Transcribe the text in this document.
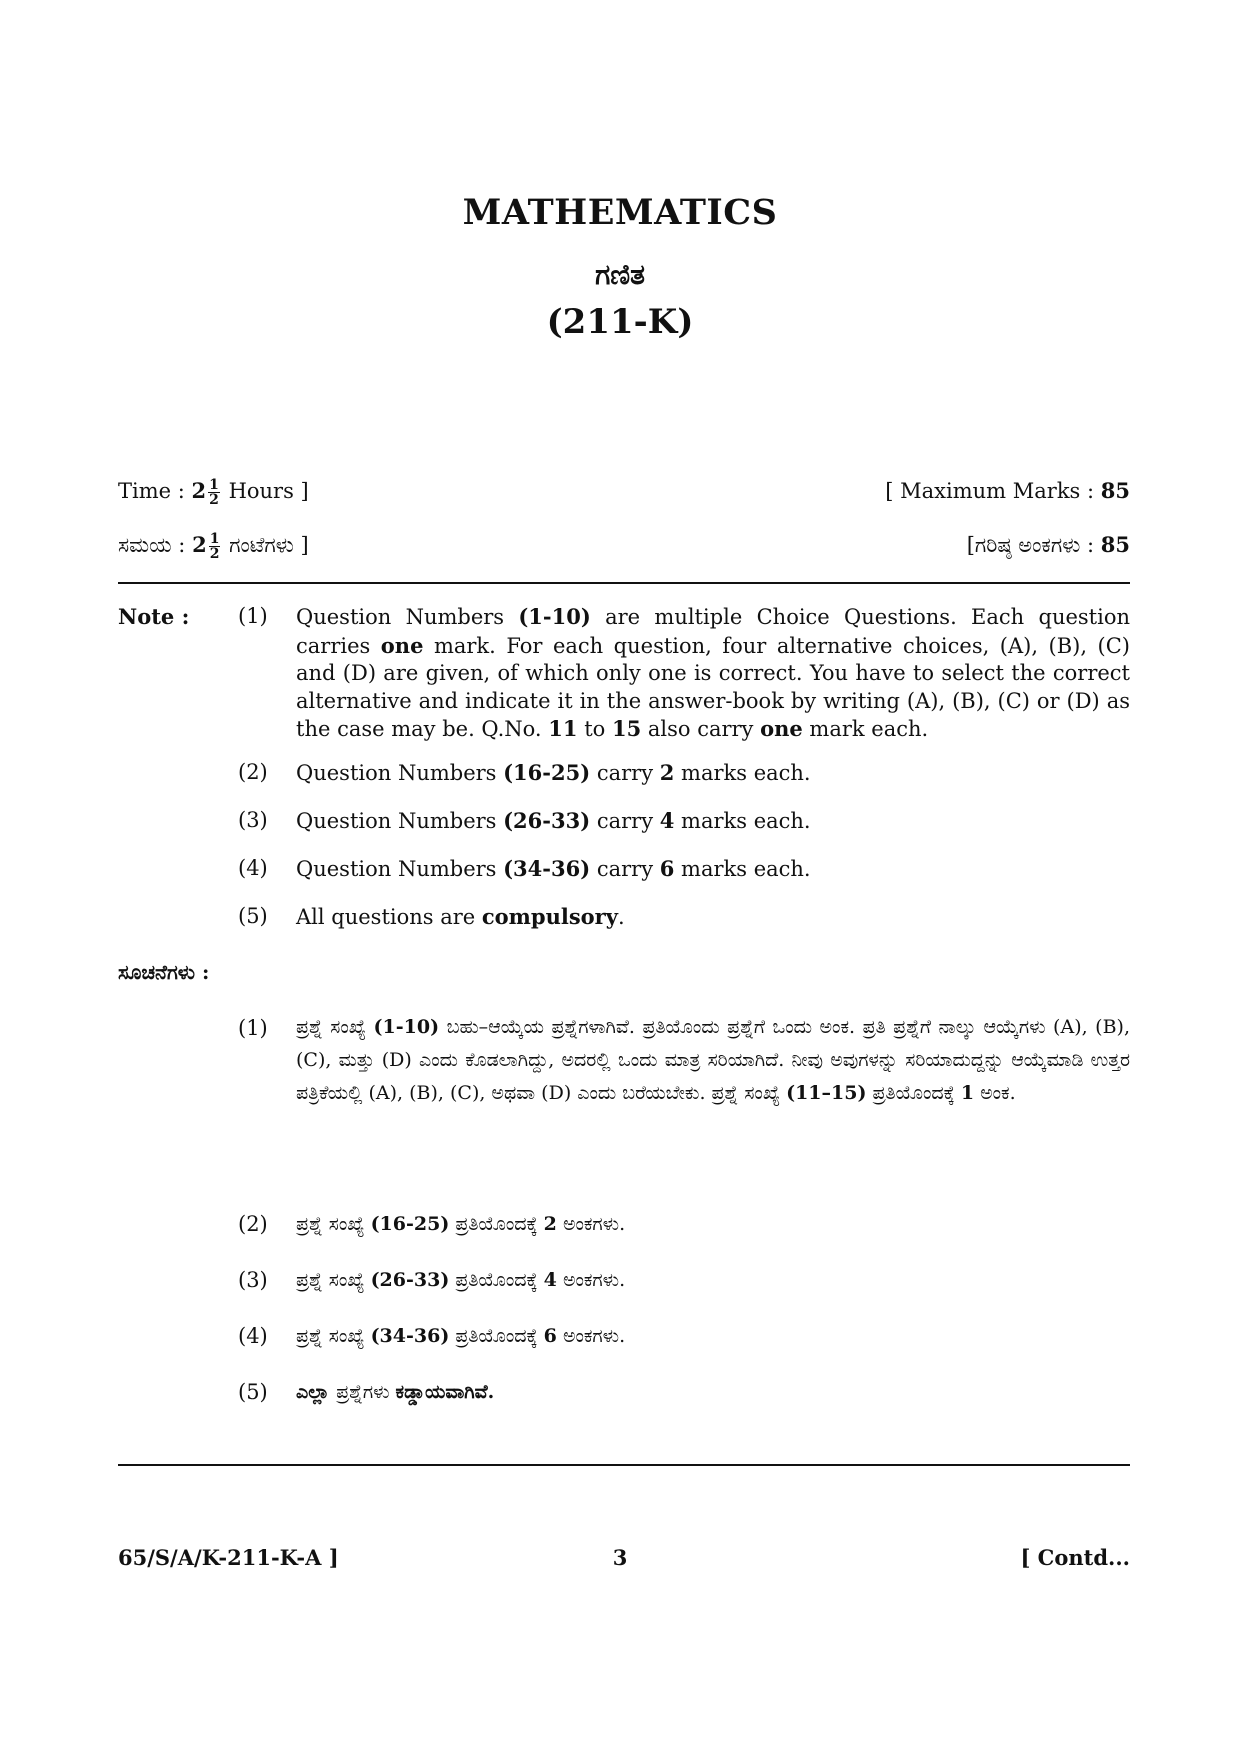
MATHEMATICS
ಗಣಿತ
(211-K)
Time : $2 \frac{1}{2}$ Hours ]	[ Maximum Marks : 85
ಸಮಯ : $2 \frac{1}{2}$ ಗಂಟೆಗಳು ]	[ಗರಿಷ್ಠ ಅಂಕಗಳು : 85
Note : (1) Question Numbers (1-10) are multiple Choice Questions. Each question carries one mark. For each question, four alternative choices, (A), (B), (C) and (D) are given, of which only one is correct. You have to select the correct alternative and indicate it in the answer-book by writing (A), (B), (C) or (D) as the case may be. Q.No. 11 to 15 also carry one mark each.
(2) Question Numbers (16-25) carry 2 marks each.
(3) Question Numbers (26-33) carry 4 marks each.
(4) Question Numbers (34-36) carry 6 marks each.
(5) All questions are compulsory.
ಸೂಚನೆಗಳು :
(1) ಪ್ರಶ್ನೆ ಸಂಖ್ಯೆ (1-10) ಬಹು–ಆಯ್ಕೆಯ ಪ್ರಶ್ನೆಗಳಾಗಿವೆ. ಪ್ರತಿಯೊಂದು ಪ್ರಶ್ನೆಗೆ ಒಂದು ಅಂಕ. ಪ್ರತಿ ಪ್ರಶ್ನೆಗೆ ನಾಲ್ಕು ಆಯ್ಕೆಗಳು (A), (B), (C), ಮತ್ತು (D) ಎಂದು ಕೊಡಲಾಗಿದ್ದು, ಅದರಲ್ಲಿ ಒಂದು ಮಾತ್ರ ಸರಿಯಾಗಿದೆ. ನೀವು ಅವುಗಳನ್ನು ಸರಿಯಾದುದ್ದನ್ನು ಆಯ್ಕೆಮಾಡಿ ಉತ್ತರ ಪತ್ರಿಕೆಯಲ್ಲಿ (A), (B), (C), ಅಥವಾ (D) ಎಂದು ಬರೆಯಬೇಕು. ಪ್ರಶ್ನೆ ಸಂಖ್ಯೆ (11–15) ಪ್ರತಿಯೊಂದಕ್ಕೆ 1 ಅಂಕ.
(2) ಪ್ರಶ್ನೆ ಸಂಖ್ಯೆ (16-25) ಪ್ರತಿಯೊಂದಕ್ಕೆ 2 ಅಂಕಗಳು.
(3) ಪ್ರಶ್ನೆ ಸಂಖ್ಯೆ (26-33) ಪ್ರತಿಯೊಂದಕ್ಕೆ 4 ಅಂಕಗಳು.
(4) ಪ್ರಶ್ನೆ ಸಂಖ್ಯೆ (34-36) ಪ್ರತಿಯೊಂದಕ್ಕೆ 6 ಅಂಕಗಳು.
(5) ಎಲ್ಲಾ ಪ್ರಶ್ನೆಗಳು ಕಡ್ಡಾಯವಾಗಿವೆ.
65/S/A/K-211-K-A ]	3	[ Contd...
